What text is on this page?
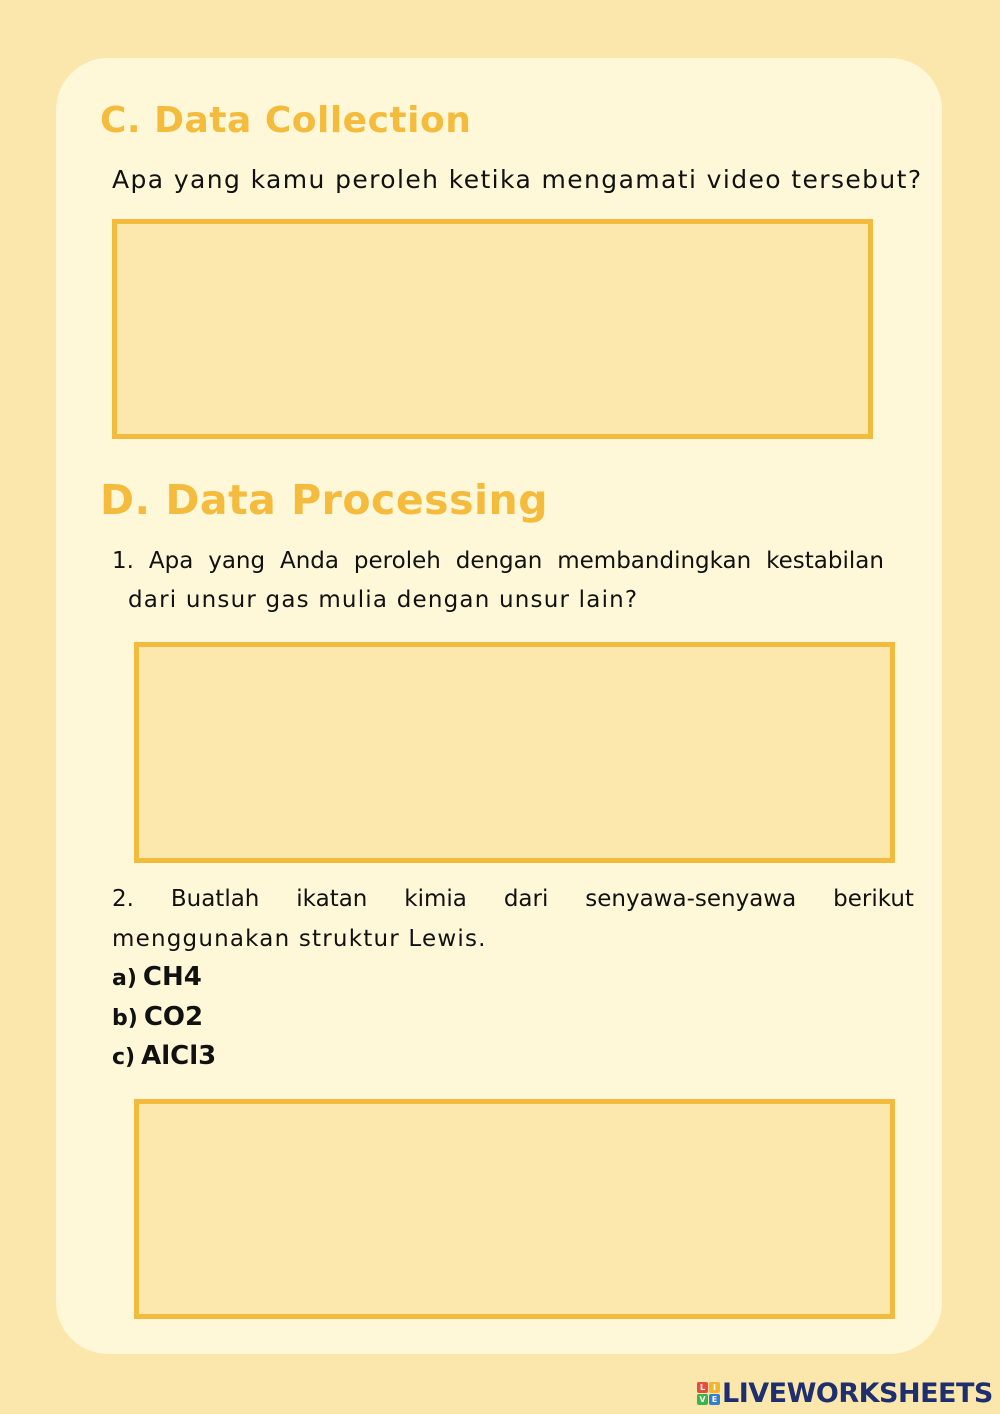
C. Data Collection
Apa yang kamu peroleh ketika mengamati video tersebut?
D. Data Processing
1. Apa yang Anda peroleh dengan membandingkan kestabilan
dari unsur gas mulia dengan unsur lain?
2. Buatlah ikatan kimia dari senyawa-senyawa berikut
menggunakan struktur Lewis.
a) CH4
b) CO2
c) AlCl3
L I
V E LIVEWORKSHEETS
